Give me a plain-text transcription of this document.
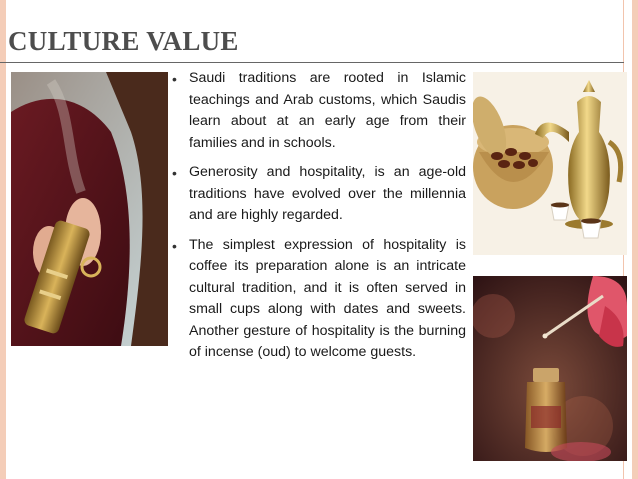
CULTURE VALUE
• Saudi traditions are rooted in Islamic teachings and Arab customs, which Saudis learn about at an early age from their families and in schools.
• Generosity and hospitality, is an age-old traditions have evolved over the millennia and are highly regarded.
• The simplest expression of hospitality is coffee its preparation alone is an intricate cultural tradition, and it is often served in small cups along with dates and sweets. Another gesture of hospitality is the burning of incense (oud) to welcome guests.
